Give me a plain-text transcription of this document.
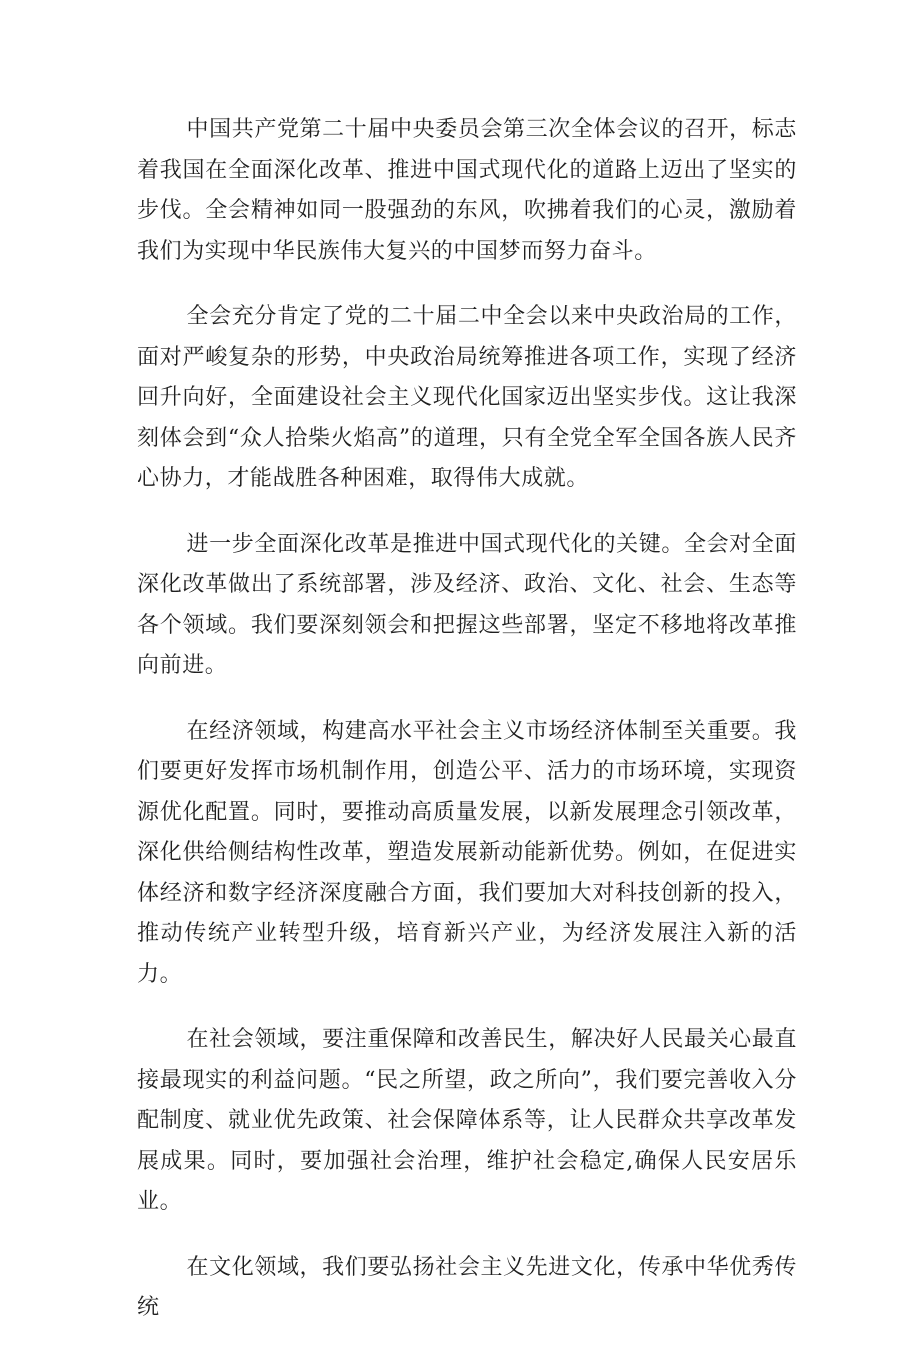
中国共产党第二十届中央委员会第三次全体会议的召开，标志着我国在全面深化改革、推进中国式现代化的道路上迈出了坚实的步伐。全会精神如同一股强劲的东风，吹拂着我们的心灵，激励着我们为实现中华民族伟大复兴的中国梦而努力奋斗。

全会充分肯定了党的二十届二中全会以来中央政治局的工作，面对严峻复杂的形势，中央政治局统筹推进各项工作，实现了经济回升向好，全面建设社会主义现代化国家迈出坚实步伐。这让我深刻体会到“众人拾柴火焰高”的道理，只有全党全军全国各族人民齐心协力，才能战胜各种困难，取得伟大成就。

进一步全面深化改革是推进中国式现代化的关键。全会对全面深化改革做出了系统部署，涉及经济、政治、文化、社会、生态等各个领域。我们要深刻领会和把握这些部署，坚定不移地将改革推向前进。

在经济领域，构建高水平社会主义市场经济体制至关重要。我们要更好发挥市场机制作用，创造公平、活力的市场环境，实现资源优化配置。同时，要推动高质量发展，以新发展理念引领改革，深化供给侧结构性改革，塑造发展新动能新优势。例如，在促进实体经济和数字经济深度融合方面，我们要加大对科技创新的投入，推动传统产业转型升级，培育新兴产业，为经济发展注入新的活力。

在社会领域，要注重保障和改善民生，解决好人民最关心最直接最现实的利益问题。“民之所望，政之所向”，我们要完善收入分配制度、就业优先政策、社会保障体系等，让人民群众共享改革发展成果。同时，要加强社会治理，维护社会稳定,确保人民安居乐业。

在文化领域，我们要弘扬社会主义先进文化，传承中华优秀传统
